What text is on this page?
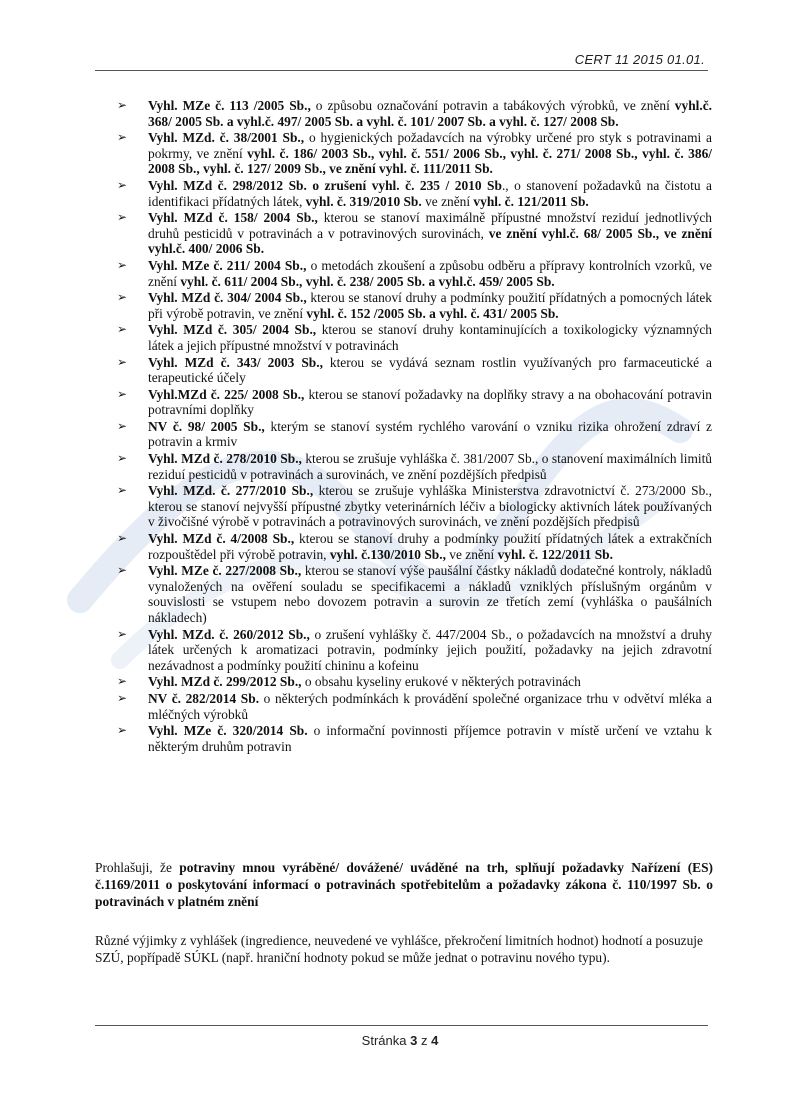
CERT 11 2015 01.01.
➢ Vyhl. MZe č. 113 /2005 Sb., o způsobu označování potravin a tabákových výrobků, ve znění vyhl.č. 368/ 2005 Sb. a vyhl.č. 497/ 2005 Sb. a vyhl. č. 101/ 2007 Sb. a vyhl. č. 127/ 2008 Sb.
➢ Vyhl. MZd. č. 38/2001 Sb., o hygienických požadavcích na výrobky určené pro styk s potravinami a pokrmy, ve znění vyhl. č. 186/ 2003 Sb., vyhl. č. 551/ 2006 Sb., vyhl. č. 271/ 2008 Sb., vyhl. č. 386/ 2008 Sb., vyhl. č. 127/ 2009 Sb., ve znění vyhl. č. 111/2011 Sb.
➢ Vyhl. MZd č. 298/2012 Sb. o zrušení vyhl. č. 235 / 2010 Sb., o stanovení požadavků na čistotu a identifikaci přídatných látek, vyhl. č. 319/2010 Sb. ve znění vyhl. č. 121/2011 Sb.
➢ Vyhl. MZd č. 158/ 2004 Sb., kterou se stanoví maximálně přípustné množství reziduí jednotlivých druhů pesticidů v potravinách a v potravinových surovinách, ve znění vyhl.č. 68/ 2005 Sb., ve znění vyhl.č. 400/ 2006 Sb.
➢ Vyhl. MZe č. 211/ 2004 Sb., o metodách zkoušení a způsobu odběru a přípravy kontrolních vzorků, ve znění vyhl. č. 611/ 2004 Sb., vyhl. č. 238/ 2005 Sb. a vyhl.č. 459/ 2005 Sb.
➢ Vyhl. MZd č. 304/ 2004 Sb., kterou se stanoví druhy a podmínky použití přídatných a pomocných látek při výrobě potravin, ve znění vyhl. č. 152 /2005 Sb. a vyhl. č. 431/ 2005 Sb.
➢ Vyhl. MZd č. 305/ 2004 Sb., kterou se stanoví druhy kontaminujících a toxikologicky významných látek a jejich přípustné množství v potravinách
➢ Vyhl. MZd č. 343/ 2003 Sb., kterou se vydává seznam rostlin využívaných pro farmaceutické a terapeutické účely
➢ Vyhl.MZd č. 225/ 2008 Sb., kterou se stanoví požadavky na doplňky stravy a na obohacování potravin potravními doplňky
➢ NV č. 98/ 2005 Sb., kterým se stanoví systém rychlého varování o vzniku rizika ohrožení zdraví z potravin a krmiv
➢ Vyhl. MZd č. 278/2010 Sb., kterou se zrušuje vyhláška č. 381/2007 Sb., o stanovení maximálních limitů reziduí pesticidů v potravinách a surovinách, ve znění pozdějších předpisů
➢ Vyhl. MZd. č. 277/2010 Sb., kterou se zrušuje vyhláška Ministerstva zdravotnictví č. 273/2000 Sb., kterou se stanoví nejvyšší přípustné zbytky veterinárních léčiv a biologicky aktivních látek používaných v živočišné výrobě v potravinách a potravinových surovinách, ve znění pozdějších předpisů
➢ Vyhl. MZd č. 4/2008 Sb., kterou se stanoví druhy a podmínky použití přídatných látek a extrakčních rozpouštědel při výrobě potravin, vyhl. č.130/2010 Sb., ve znění vyhl. č. 122/2011 Sb.
➢ Vyhl. MZe č. 227/2008 Sb., kterou se stanoví výše paušální částky nákladů dodatečné kontroly, nákladů vynaložených na ověření souladu se specifikacemi a nákladů vzniklých příslušným orgánům v souvislosti se vstupem nebo dovozem potravin a surovin ze třetích zemí (vyhláška o paušálních nákladech)
➢ Vyhl. MZd. č. 260/2012 Sb., o zrušení vyhlášky č. 447/2004 Sb., o požadavcích na množství a druhy látek určených k aromatizaci potravin, podmínky jejich použití, požadavky na jejich zdravotní nezávadnost a podmínky použití chininu a kofeinu
➢ Vyhl. MZd č. 299/2012 Sb., o obsahu kyseliny erukové v některých potravinách
➢ NV č. 282/2014 Sb. o některých podmínkách k provádění společné organizace trhu v odvětví mléka a mléčných výrobků
➢ Vyhl. MZe č. 320/2014 Sb. o informační povinnosti příjemce potravin v místě určení ve vztahu k některým druhům potravin
Prohlašuji, že potraviny mnou vyráběné/ dovážené/ uváděné na trh, splňují požadavky Nařízení (ES) č.1169/2011 o poskytování informací o potravinách spotřebitelům a požadavky zákona č. 110/1997 Sb. o potravinách v platném znění
Různé výjimky z vyhlášek (ingredience, neuvedené ve vyhlášce, překročení limitních hodnot) hodnotí a posuzuje SZÚ, popřípadě SÚKL (např. hraniční hodnoty pokud se může jednat o potravinu nového typu).
Stránka 3 z 4
